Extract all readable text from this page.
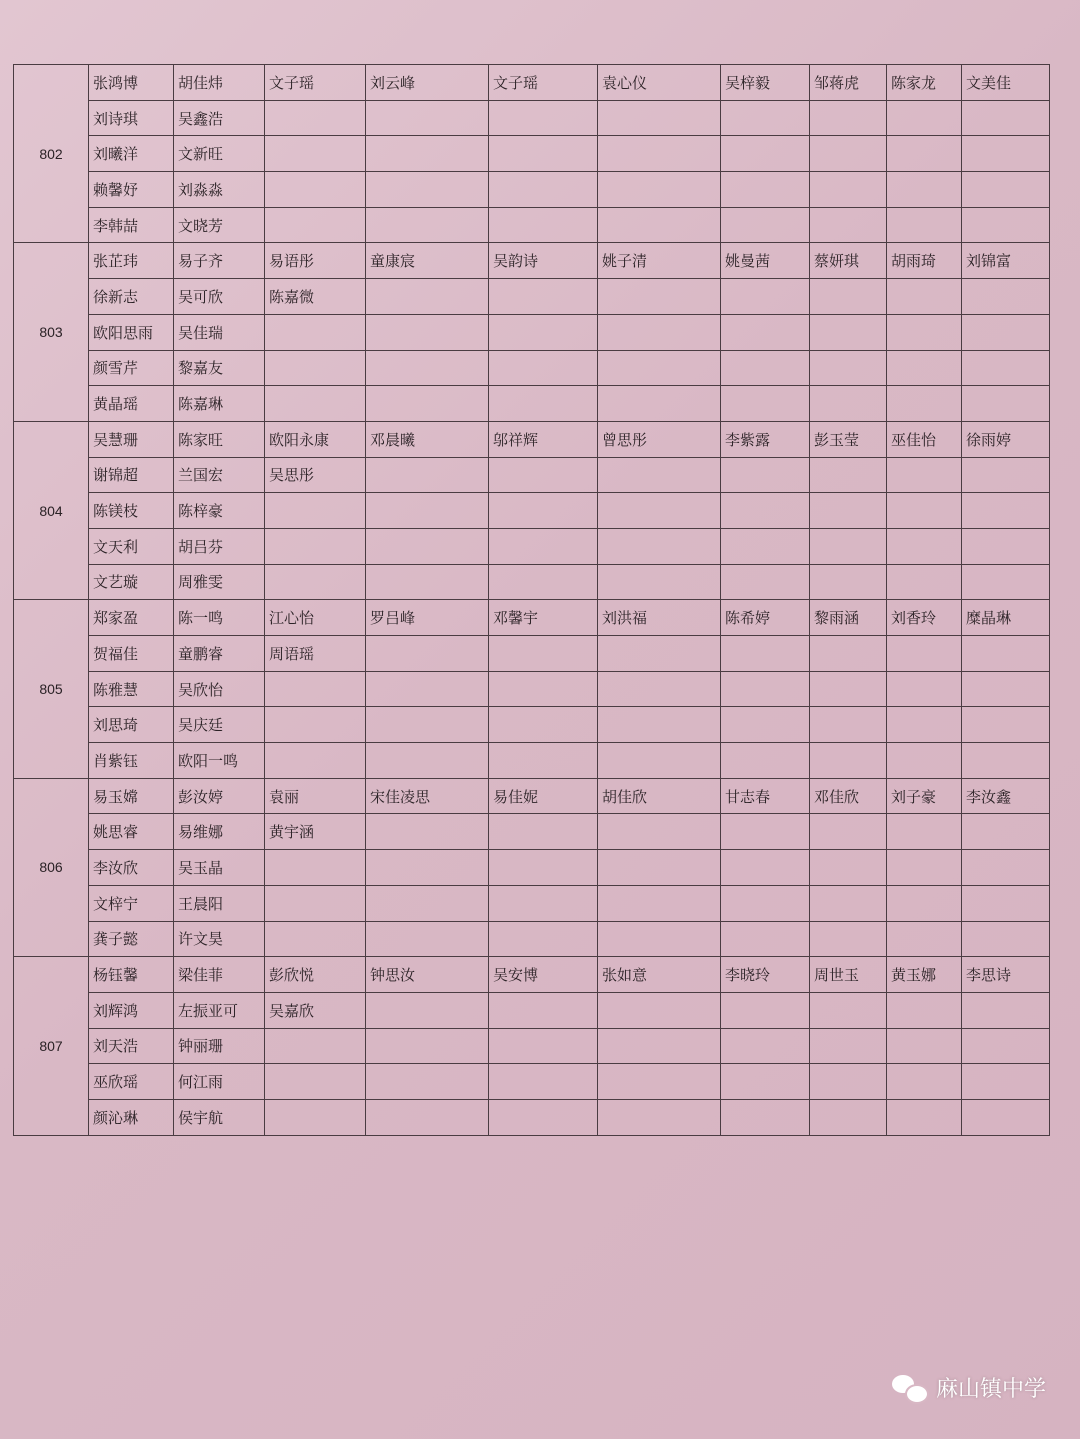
802	张鸿博	胡佳炜	文子瑶	刘云峰	文子瑶	袁心仪	吴梓毅	邹蒋虎	陈家龙	文美佳
	刘诗琪	吴鑫浩								
	刘曦洋	文新旺								
	赖馨妤	刘淼淼								
	李韩喆	文晓芳								
803	张芷玮	易子齐	易语彤	童康宸	吴韵诗	姚子清	姚曼茜	蔡妍琪	胡雨琦	刘锦富
	徐新志	吴可欣	陈嘉微							
	欧阳思雨	吴佳瑞								
	颜雪芹	黎嘉友								
	黄晶瑶	陈嘉琳								
804	吴慧珊	陈家旺	欧阳永康	邓晨曦	邬祥辉	曾思彤	李紫露	彭玉莹	巫佳怡	徐雨婷
	谢锦超	兰国宏	吴思彤							
	陈镁枝	陈梓豪								
	文天利	胡吕芬								
	文艺璇	周雅雯								
805	郑家盈	陈一鸣	江心怡	罗吕峰	邓馨宇	刘洪福	陈希婷	黎雨涵	刘香玲	糜晶琳
	贺福佳	童鹏睿	周语瑶							
	陈雅慧	吴欣怡								
	刘思琦	吴庆廷								
	肖紫钰	欧阳一鸣								
806	易玉嫦	彭汝婷	袁丽	宋佳凌思	易佳妮	胡佳欣	甘志春	邓佳欣	刘子豪	李汝鑫
	姚思睿	易维娜	黄宇涵							
	李汝欣	吴玉晶								
	文梓宁	王晨阳								
	龚子懿	许文昊								
807	杨钰馨	梁佳菲	彭欣悦	钟思汝	吴安博	张如意	李晓玲	周世玉	黄玉娜	李思诗
	刘辉鸿	左振亚可	吴嘉欣							
	刘天浩	钟丽珊								
	巫欣瑶	何江雨								
	颜沁琳	侯宇航								
麻山镇中学
